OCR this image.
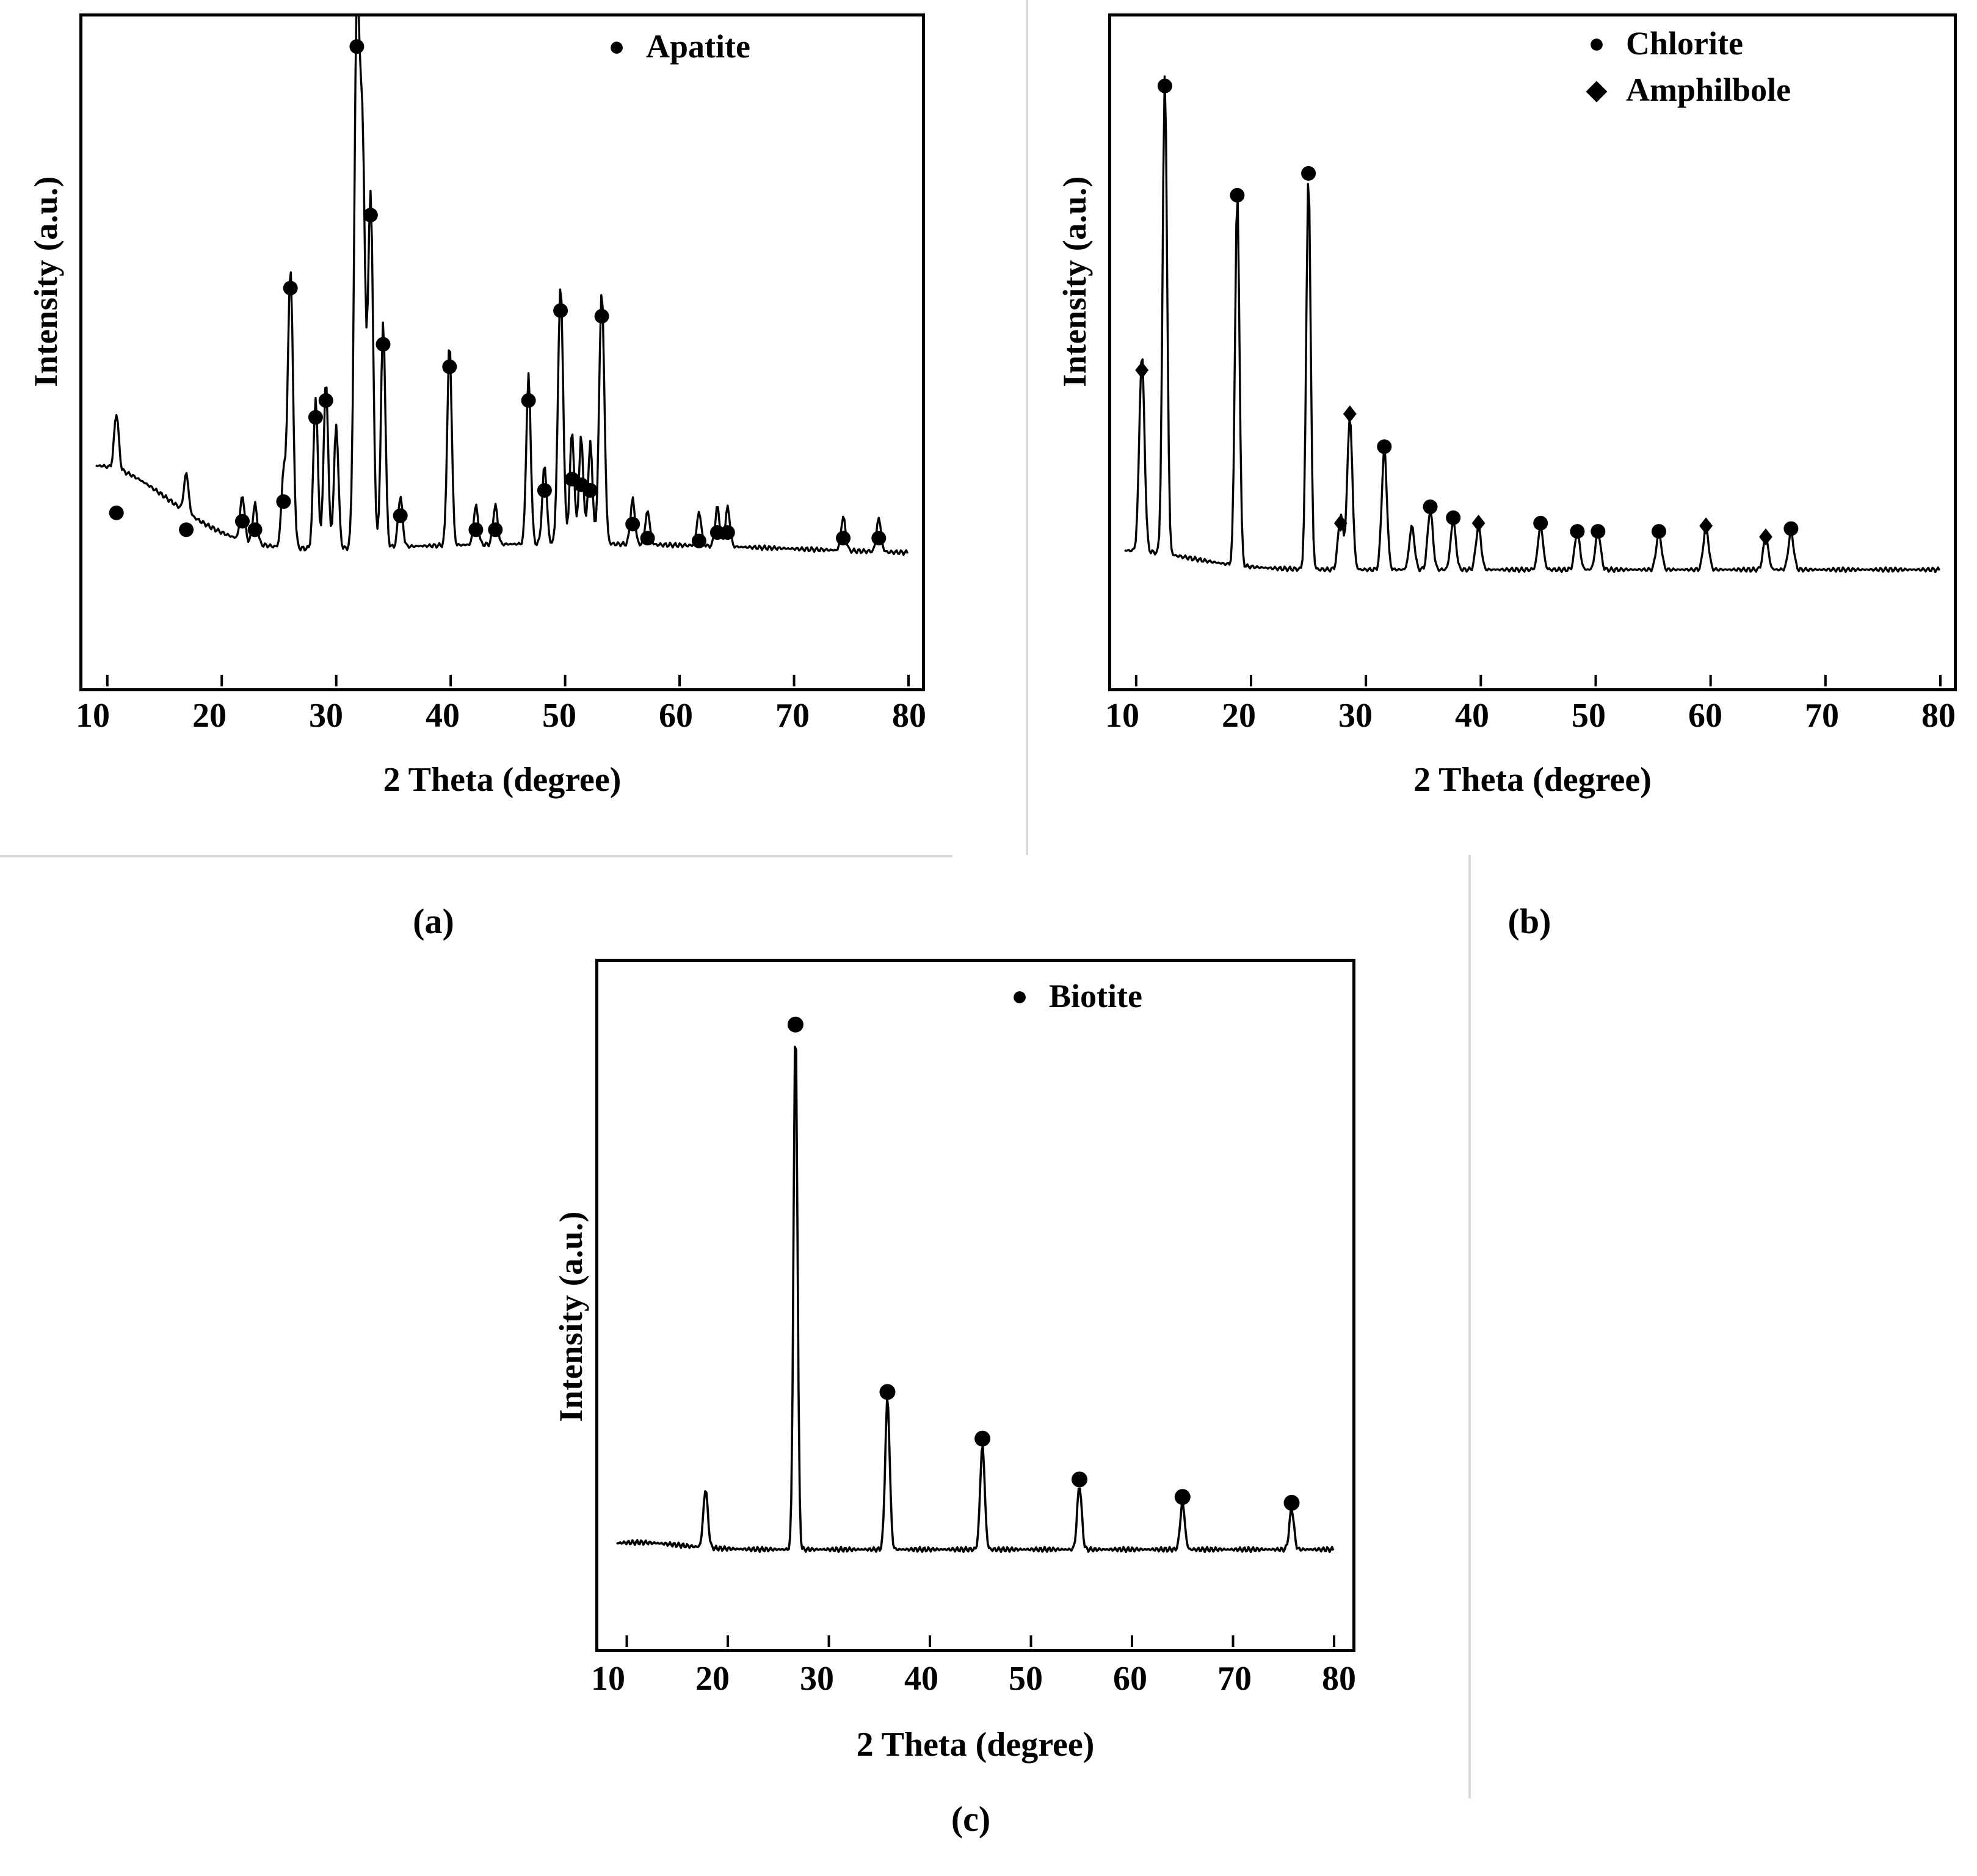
Intensity (a.u.)
10 20 30 40 50 60 70 80
2 Theta (degree)
● Apatite
(a)
Intensity (a.u.)
10 20 30 40 50 60 70 80
2 Theta (degree)
● Chlorite
◆ Amphilbole
(b)
Intensity (a.u.)
10 20 30 40 50 60 70 80
2 Theta (degree)
● Biotite
(c)
